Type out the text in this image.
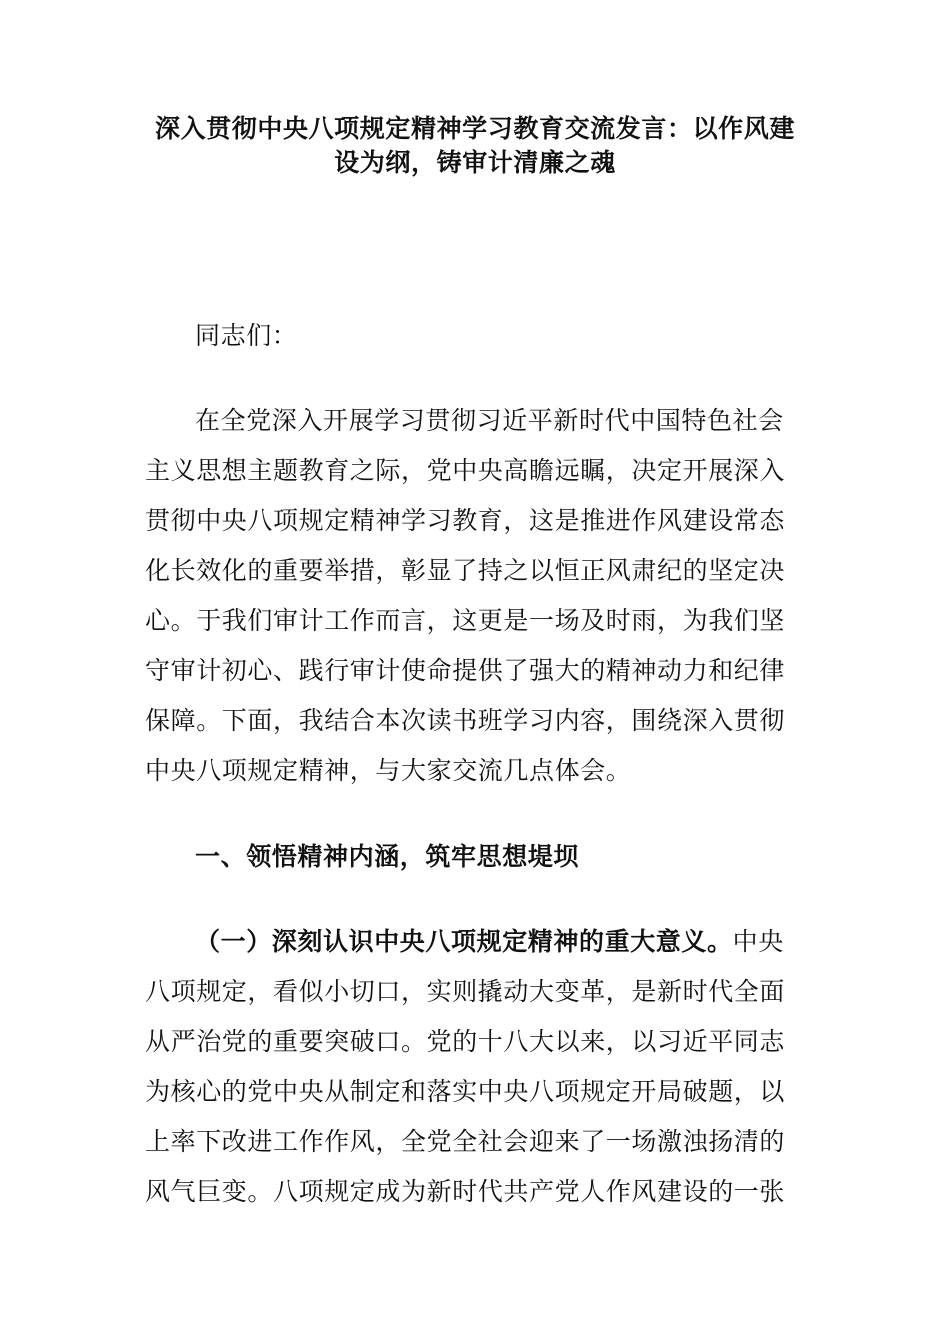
深入贯彻中央八项规定精神学习教育交流发言：以作风建
设为纲，铸审计清廉之魂
同志们：
在全党深入开展学习贯彻习近平新时代中国特色社会
主义思想主题教育之际，党中央高瞻远瞩，决定开展深入
贯彻中央八项规定精神学习教育，这是推进作风建设常态
化长效化的重要举措，彰显了持之以恒正风肃纪的坚定决
心。于我们审计工作而言，这更是一场及时雨，为我们坚
守审计初心、践行审计使命提供了强大的精神动力和纪律
保障。下面，我结合本次读书班学习内容，围绕深入贯彻
中央八项规定精神，与大家交流几点体会。
一、领悟精神内涵，筑牢思想堤坝
（一）深刻认识中央八项规定精神的重大意义。中央
八项规定，看似小切口，实则撬动大变革，是新时代全面
从严治党的重要突破口。党的十八大以来，以习近平同志
为核心的党中央从制定和落实中央八项规定开局破题，以
上率下改进工作作风，全党全社会迎来了一场激浊扬清的
风气巨变。八项规定成为新时代共产党人作风建设的一张
